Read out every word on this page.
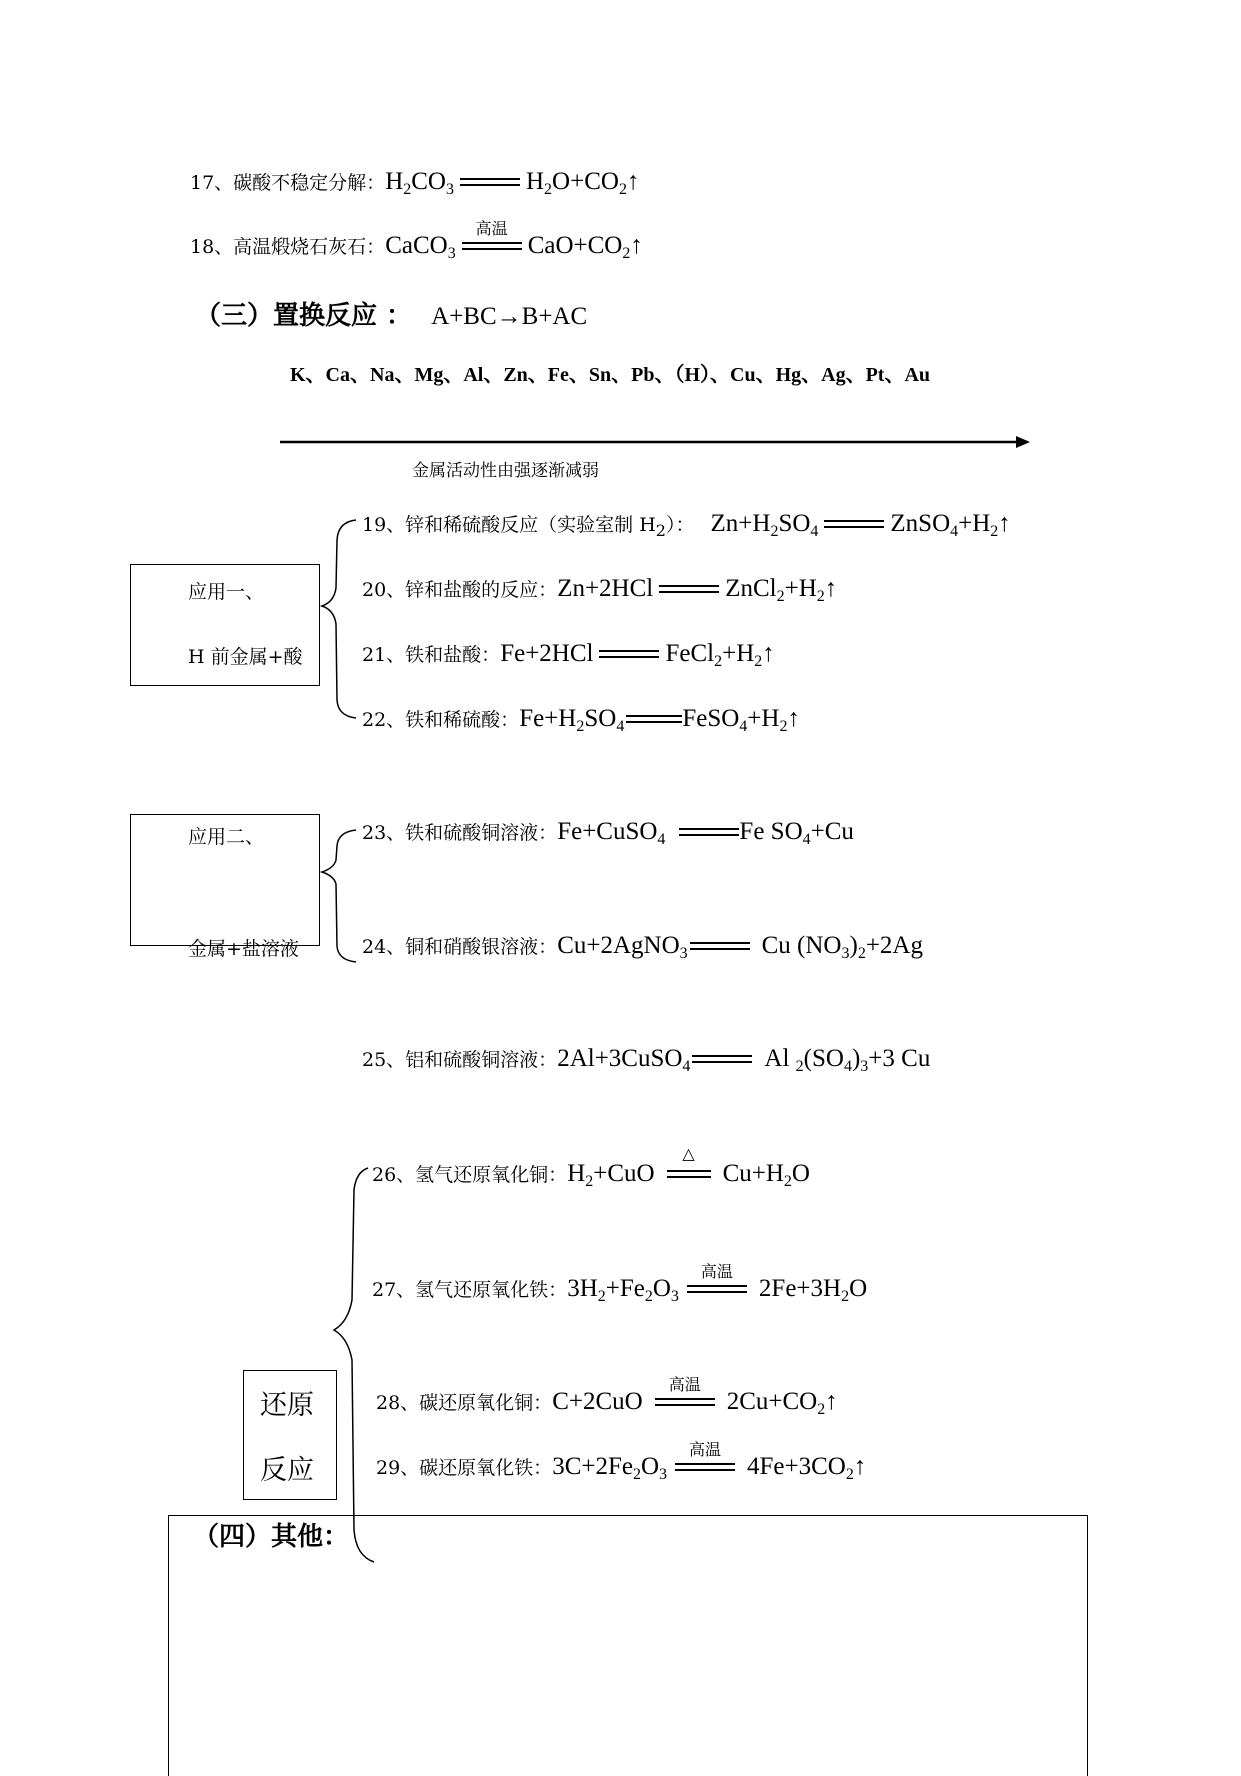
17、碳酸不稳定分解：$H_2CO_3$	$H_2O+CO_2↑$
18、高温煅烧石灰石：CaCO$_3$
高温
$CaO+CO_2↑$
（三）置换反应 ： A+BC→B+AC
K、Ca、Na、Mg、Al、Zn、Fe、Sn、Pb、（H）、Cu、Hg、Ag、Pt、Au
金属活动性由强逐渐减弱
应用一、
H 前金属+酸
19、锌和稀硫酸反应（实验室制 $H_2$）： $Zn+H_2SO_4$	$ZnSO_4+H_2↑$
20、锌和盐酸的反应：Zn+2HCl	$ZnCl_2+H_2↑$
21、铁和盐酸：Fe+2HCl	$FeCl_2+H_2↑$
22、铁和稀硫酸：$Fe+H_2SO_4$ $FeSO_4+H_2↑$
应用二、
金属+盐溶液
23、铁和硫酸铜溶液：Fe+CuSO$_4$	Fe $SO_4+Cu$
24、铜和硝酸银溶液：Cu+2AgNO$_3$	Cu $(NO_3)_2+2Ag$
25、铝和硫酸铜溶液：2Al+3CuSO$_4$	Al $_2(SO_4)_3+3$ Cu
26、氢气还原氧化铜：$H_2+CuO$
△
$Cu+H_2O$
27、氢气还原氧化铁：$3H_2+Fe_2O_3$
高温
$2Fe+3H_2O$
28、碳还原氧化铜：C+2CuO
高温
$2Cu+CO_2↑$
29、碳还原氧化铁：$3C+2Fe_2O_3$
高温
$4Fe+3CO_2↑$
还原
反应
（四）其他：
